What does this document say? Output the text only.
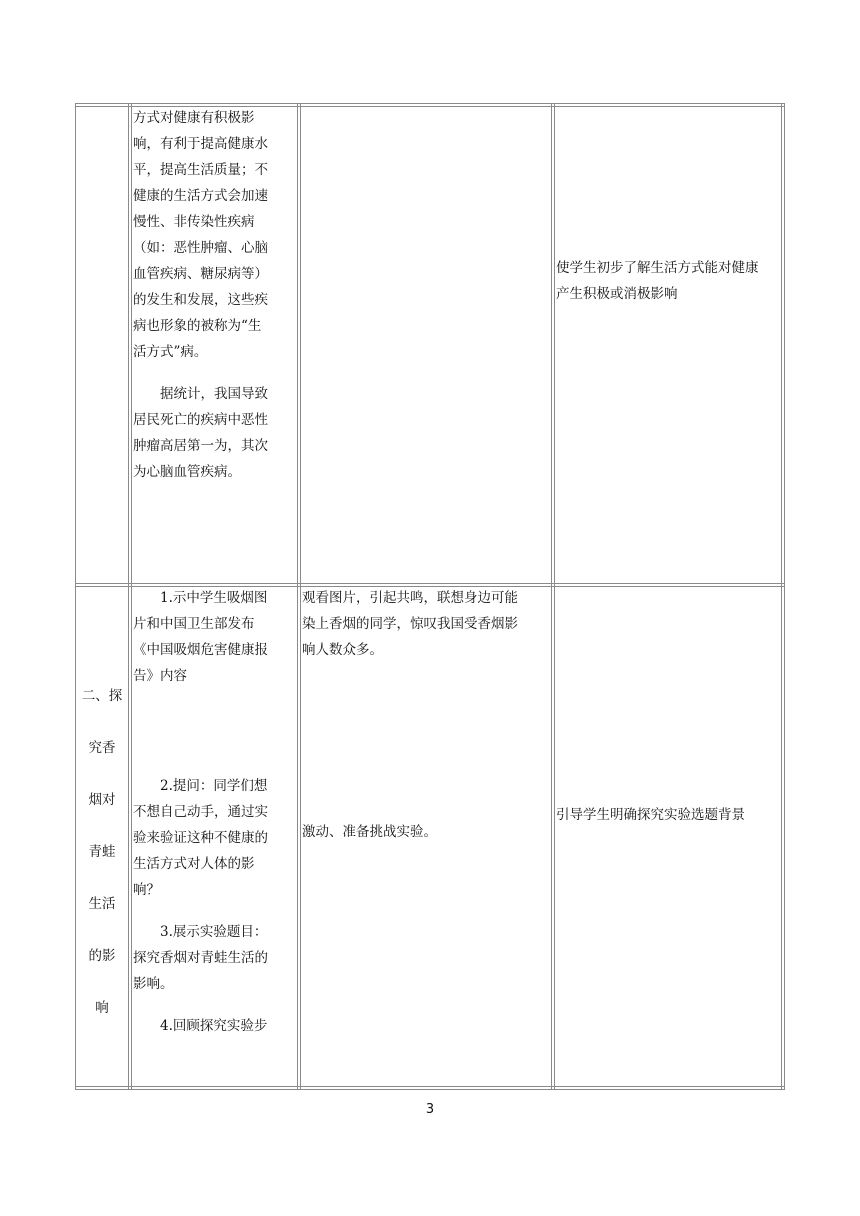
方式对健康有积极影

响，有利于提高健康水

平，提高生活质量；不

健康的生活方式会加速

慢性、非传染性疾病

（如：恶性肿瘤、心脑

血管疾病、糖尿病等）

的发生和发展，这些疾

病也形象的被称为“生

活方式”病。

据统计，我国导致

居民死亡的疾病中恶性

肿瘤高居第一为，其次

为心脑血管疾病。

使学生初步了解生活方式能对健康

产生积极或消极影响

二、探

究香

烟对

青蛙

生活

的影

响

1.示中学生吸烟图

片和中国卫生部发布

《中国吸烟危害健康报

告》内容

2.提问：同学们想

不想自己动手，通过实

验来验证这种不健康的

生活方式对人体的影

响？

3.展示实验题目：

探究香烟对青蛙生活的

影响。

4.回顾探究实验步

观看图片，引起共鸣，联想身边可能

染上香烟的同学，惊叹我国受香烟影

响人数众多。

激动、准备挑战实验。

引导学生明确探究实验选题背景

3
